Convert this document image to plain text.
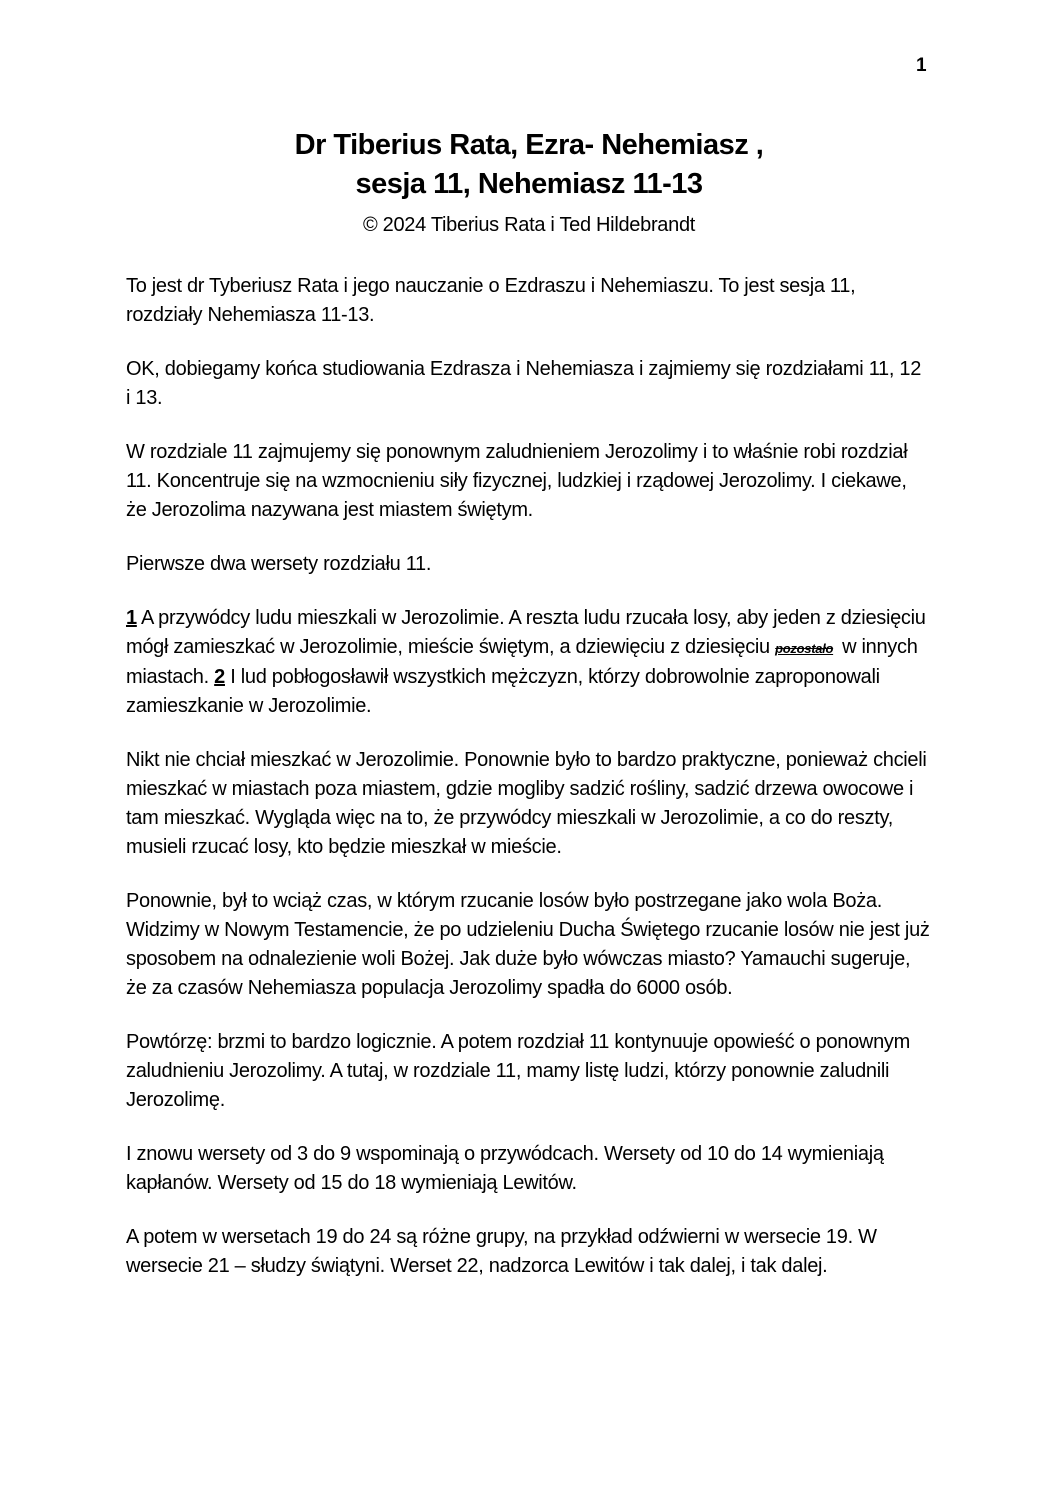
1
Dr Tiberius Rata, Ezra- Nehemiasz ,
sesja 11, Nehemiasz 11-13
© 2024 Tiberius Rata i Ted Hildebrandt

To jest dr Tyberiusz Rata i jego nauczanie o Ezdraszu i Nehemiaszu. To jest sesja 11, rozdziały Nehemiasza 11-13.

OK, dobiegamy końca studiowania Ezdrasza i Nehemiasza i zajmiemy się rozdziałami 11, 12 i 13.

W rozdziale 11 zajmujemy się ponownym zaludnieniem Jerozolimy i to właśnie robi rozdział 11. Koncentruje się na wzmocnieniu siły fizycznej, ludzkiej i rządowej Jerozolimy. I ciekawe, że Jerozolima nazywana jest miastem świętym.

Pierwsze dwa wersety rozdziału 11.

1 A przywódcy ludu mieszkali w Jerozolimie. A reszta ludu rzucała losy, aby jeden z dziesięciu mógł zamieszkać w Jerozolimie, mieście świętym, a dziewięciu z dziesięciu pozostało w innych miastach. 2 I lud pobłogosławił wszystkich mężczyzn, którzy dobrowolnie zaproponowali zamieszkanie w Jerozolimie.

Nikt nie chciał mieszkać w Jerozolimie. Ponownie było to bardzo praktyczne, ponieważ chcieli mieszkać w miastach poza miastem, gdzie mogliby sadzić rośliny, sadzić drzewa owocowe i tam mieszkać. Wygląda więc na to, że przywódcy mieszkali w Jerozolimie, a co do reszty, musieli rzucać losy, kto będzie mieszkał w mieście.

Ponownie, był to wciąż czas, w którym rzucanie losów było postrzegane jako wola Boża. Widzimy w Nowym Testamencie, że po udzieleniu Ducha Świętego rzucanie losów nie jest już sposobem na odnalezienie woli Bożej. Jak duże było wówczas miasto? Yamauchi sugeruje, że za czasów Nehemiasza populacja Jerozolimy spadła do 6000 osób.

Powtórzę: brzmi to bardzo logicznie. A potem rozdział 11 kontynuuje opowieść o ponownym zaludnieniu Jerozolimy. A tutaj, w rozdziale 11, mamy listę ludzi, którzy ponownie zaludnili Jerozolimę.

I znowu wersety od 3 do 9 wspominają o przywódcach. Wersety od 10 do 14 wymieniają kapłanów. Wersety od 15 do 18 wymieniają Lewitów.

A potem w wersetach 19 do 24 są różne grupy, na przykład odźwierni w wersecie 19. W wersecie 21 – słudzy świątyni. Werset 22, nadzorca Lewitów i tak dalej, i tak dalej.
